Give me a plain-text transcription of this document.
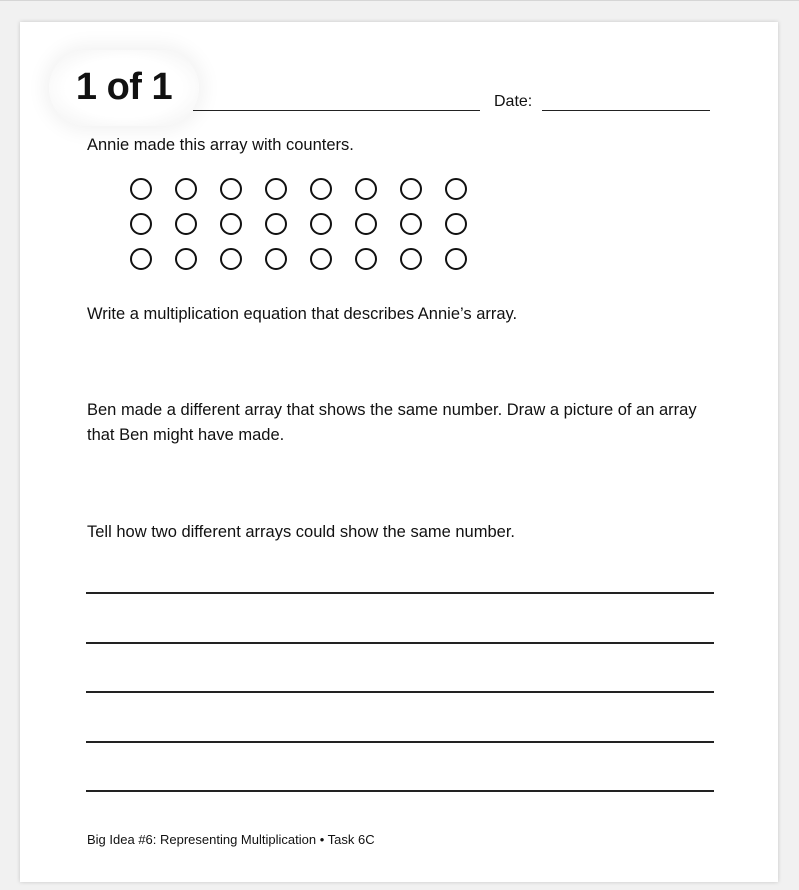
1 of 1	Date:
Annie made this array with counters.
Write a multiplication equation that describes Annie’s array.
Ben made a different array that shows the same number. Draw a picture of an array that Ben might have made.
Tell how two different arrays could show the same number.
Big Idea #6: Representing Multiplication • Task 6C
